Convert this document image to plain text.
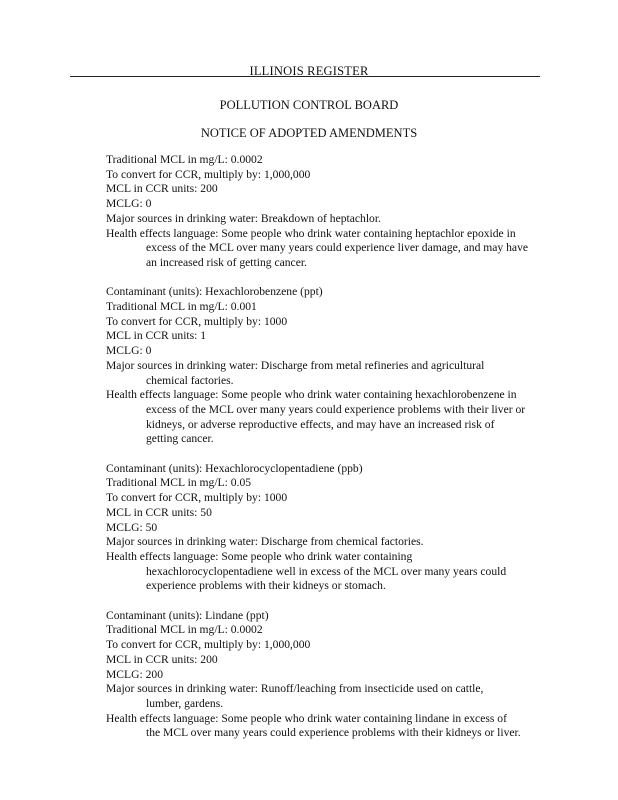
ILLINOIS REGISTER
POLLUTION CONTROL BOARD
NOTICE OF ADOPTED AMENDMENTS
Traditional MCL in mg/L: 0.0002
To convert for CCR, multiply by: 1,000,000
MCL in CCR units: 200
MCLG: 0
Major sources in drinking water: Breakdown of heptachlor.
Health effects language: Some people who drink water containing heptachlor epoxide in
excess of the MCL over many years could experience liver damage, and may have
an increased risk of getting cancer.
Contaminant (units): Hexachlorobenzene (ppt)
Traditional MCL in mg/L: 0.001
To convert for CCR, multiply by: 1000
MCL in CCR units: 1
MCLG: 0
Major sources in drinking water: Discharge from metal refineries and agricultural
chemical factories.
Health effects language: Some people who drink water containing hexachlorobenzene in
excess of the MCL over many years could experience problems with their liver or
kidneys, or adverse reproductive effects, and may have an increased risk of
getting cancer.
Contaminant (units): Hexachlorocyclopentadiene (ppb)
Traditional MCL in mg/L: 0.05
To convert for CCR, multiply by: 1000
MCL in CCR units: 50
MCLG: 50
Major sources in drinking water: Discharge from chemical factories.
Health effects language: Some people who drink water containing
hexachlorocyclopentadiene well in excess of the MCL over many years could
experience problems with their kidneys or stomach.
Contaminant (units): Lindane (ppt)
Traditional MCL in mg/L: 0.0002
To convert for CCR, multiply by: 1,000,000
MCL in CCR units: 200
MCLG: 200
Major sources in drinking water: Runoff/leaching from insecticide used on cattle,
lumber, gardens.
Health effects language: Some people who drink water containing lindane in excess of
the MCL over many years could experience problems with their kidneys or liver.
